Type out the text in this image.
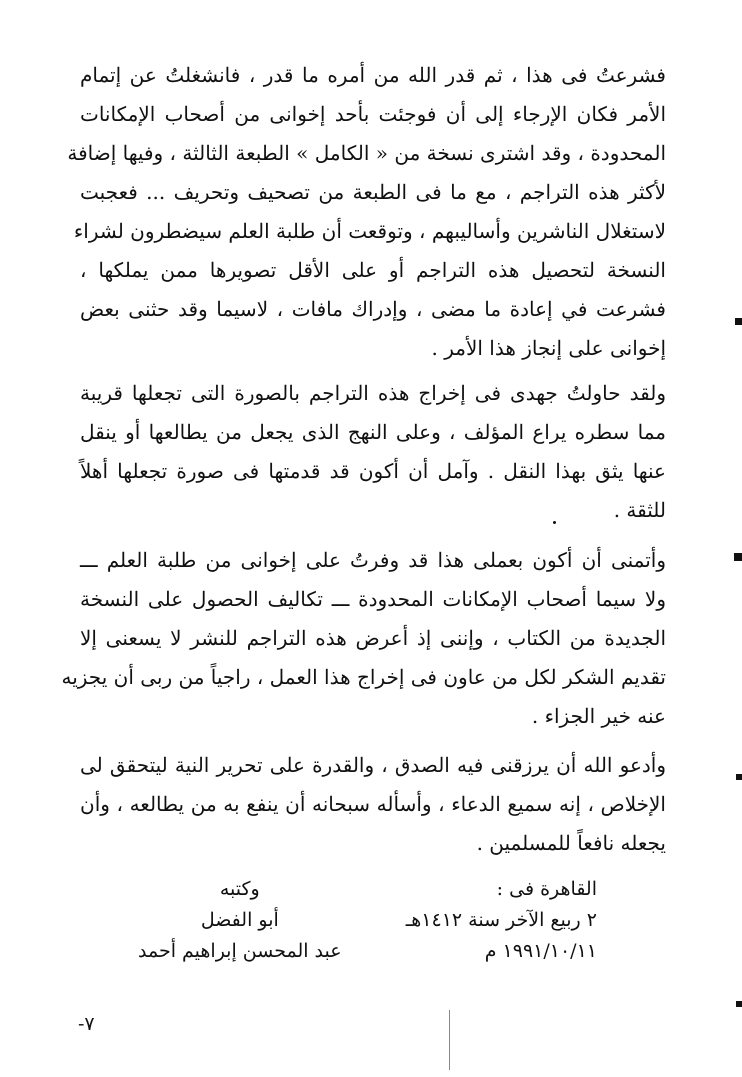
فشرعتُ فى هذا ، ثم قدر الله من أمره ما قدر ، فانشغلتُ عن إتمام
الأمر فكان الإرجاء إلى أن فوجئت بأحد إخوانى من أصحاب الإمكانات
المحدودة ، وقد اشترى نسخة من « الكامل » الطبعة الثالثة ، وفيها إضافة
لأكثر هذه التراجم ، مع ما فى الطبعة من تصحيف وتحريف ... فعجبت
لاستغلال الناشرين وأساليبهم ، وتوقعت أن طلبة العلم سيضطرون لشراء
النسخة لتحصيل هذه التراجم أو على الأقل تصويرها ممن يملكها ،
فشرعت في إعادة ما مضى ، وإدراك مافات ، لاسيما وقد حثنى بعض
إخوانى على إنجاز هذا الأمر .
ولقد حاولتُ جهدى فى إخراج هذه التراجم بالصورة التى تجعلها قريبة
مما سطره يراع المؤلف ، وعلى النهج الذى يجعل من يطالعها أو ينقل
عنها يثق بهذا النقل . وآمل أن أكون قد قدمتها فى صورة تجعلها أهلاً
للثقة .
وأتمنى أن أكون بعملى هذا قد وفرتُ على إخوانى من طلبة العلم ـــ
ولا سيما أصحاب الإمكانات المحدودة ـــ تكاليف الحصول على النسخة
الجديدة من الكتاب ، وإننى إذ أعرض هذه التراجم للنشر لا يسعنى إلا
تقديم الشكر لكل من عاون فى إخراج هذا العمل ، راجياً من ربى أن يجزيه
عنه خير الجزاء .
وأدعو الله أن يرزقنى فيه الصدق ، والقدرة على تحرير النية ليتحقق لى
الإخلاص ، إنه سميع الدعاء ، وأسأله سبحانه أن ينفع به من يطالعه ، وأن
يجعله نافعاً للمسلمين .
القاهرة فى :
٢ ربيع الآخر سنة ١٤١٢هـ
١٩٩١/١٠/١١ م
وكتبه
أبو الفضل
عبد المحسن إبراهيم أحمد
-٧
